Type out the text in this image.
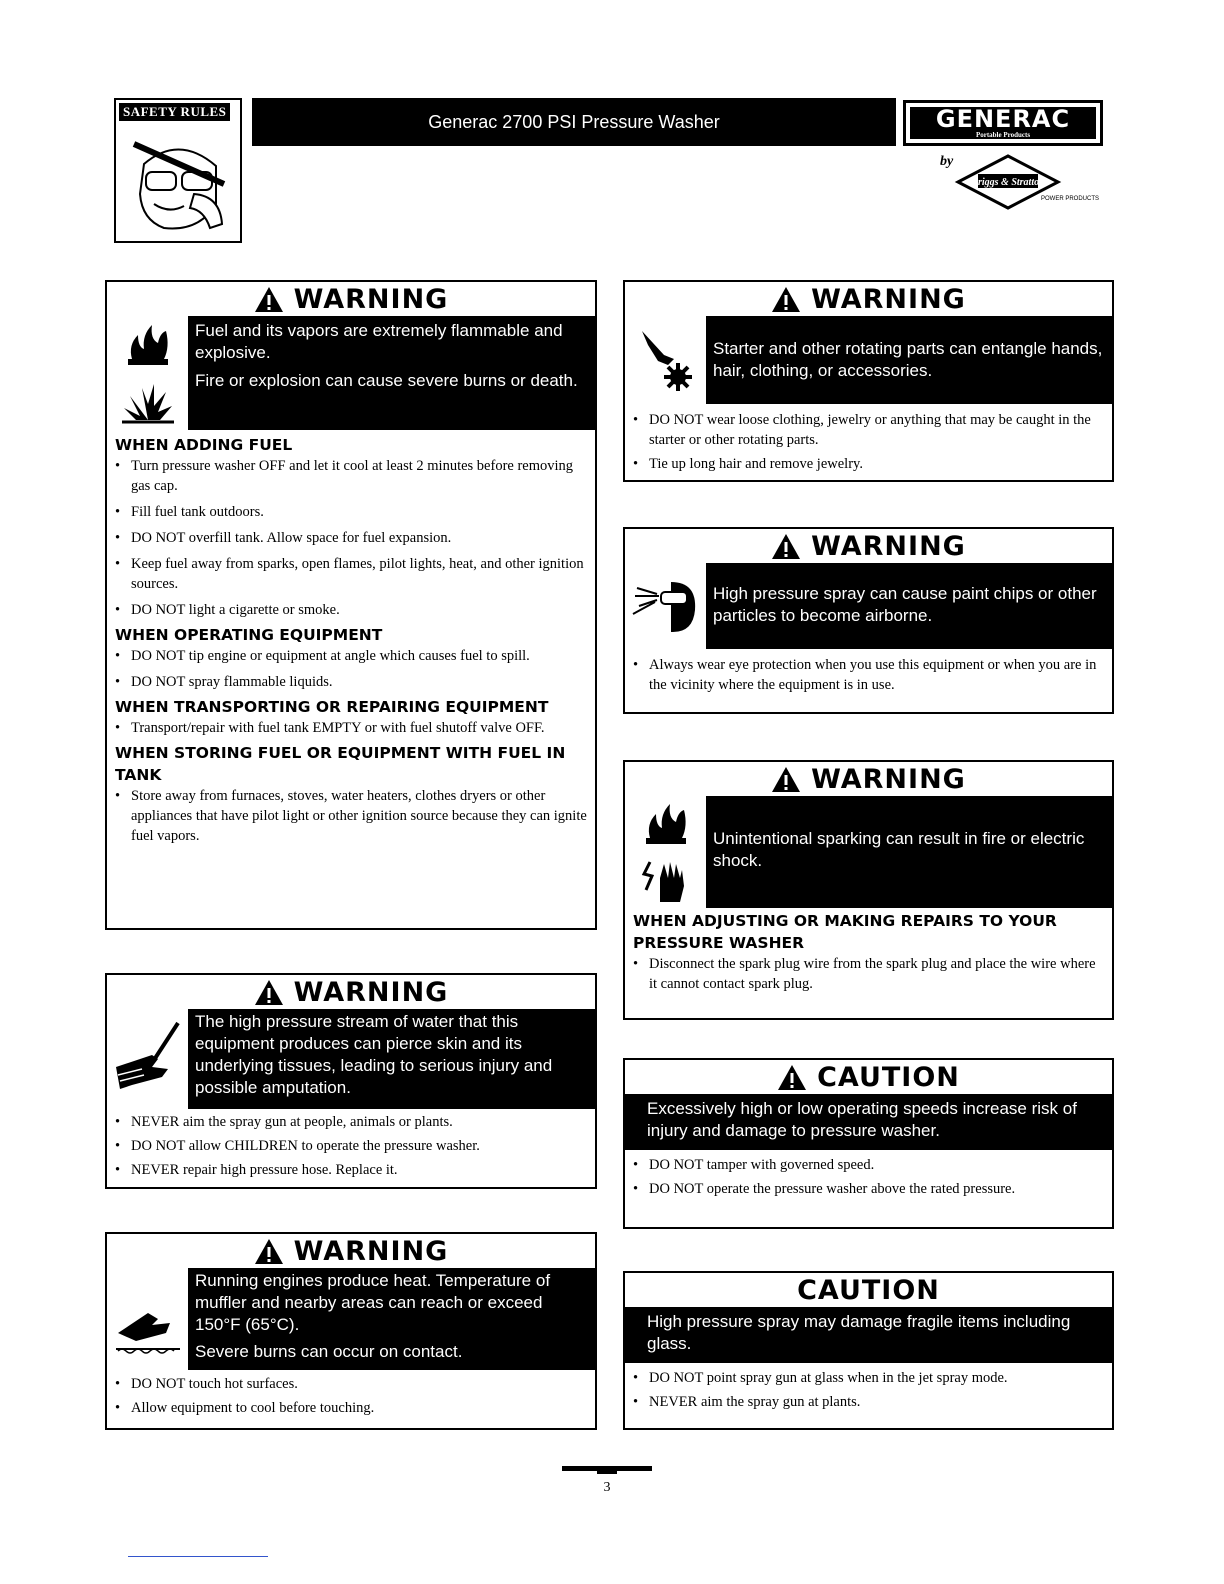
SAFETY RULES	Generac 2700 PSI Pressure Washer	GENERAC
Portable Products
by
Briggs & Stratton
POWER PRODUCTS
WARNING

Fuel and its vapors are extremely flammable and explosive.

Fire or explosion can cause severe burns or death.

WHEN ADDING FUEL
• Turn pressure washer OFF and let it cool at least 2 minutes before removing gas cap.
• Fill fuel tank outdoors.
• DO NOT overfill tank. Allow space for fuel expansion.
• Keep fuel away from sparks, open flames, pilot lights, heat, and other ignition sources.
• DO NOT light a cigarette or smoke.
WHEN OPERATING EQUIPMENT
• DO NOT tip engine or equipment at angle which causes fuel to spill.
• DO NOT spray flammable liquids.
WHEN TRANSPORTING OR REPAIRING EQUIPMENT
• Transport/repair with fuel tank EMPTY or with fuel shutoff valve OFF.
WHEN STORING FUEL OR EQUIPMENT WITH FUEL IN TANK
• Store away from furnaces, stoves, water heaters, clothes dryers or other appliances that have pilot light or other ignition source because they can ignite fuel vapors.
WARNING

The high pressure stream of water that this equipment produces can pierce skin and its underlying tissues, leading to serious injury and possible amputation.

• NEVER aim the spray gun at people, animals or plants.
• DO NOT allow CHILDREN to operate the pressure washer.
• NEVER repair high pressure hose. Replace it.
WARNING

Running engines produce heat. Temperature of muffler and nearby areas can reach or exceed 150°F (65°C).

Severe burns can occur on contact.

• DO NOT touch hot surfaces.
• Allow equipment to cool before touching.
WARNING

Starter and other rotating parts can entangle hands, hair, clothing, or accessories.

• DO NOT wear loose clothing, jewelry or anything that may be caught in the starter or other rotating parts.
• Tie up long hair and remove jewelry.
WARNING

High pressure spray can cause paint chips or other particles to become airborne.

• Always wear eye protection when you use this equipment or when you are in the vicinity where the equipment is in use.
WARNING

Unintentional sparking can result in fire or electric shock.

WHEN ADJUSTING OR MAKING REPAIRS TO YOUR PRESSURE WASHER
• Disconnect the spark plug wire from the spark plug and place the wire where it cannot contact spark plug.
CAUTION

Excessively high or low operating speeds increase risk of injury and damage to pressure washer.

• DO NOT tamper with governed speed.
• DO NOT operate the pressure washer above the rated pressure.
CAUTION

High pressure spray may damage fragile items including glass.

• DO NOT point spray gun at glass when in the jet spray mode.
• NEVER aim the spray gun at plants.
3
